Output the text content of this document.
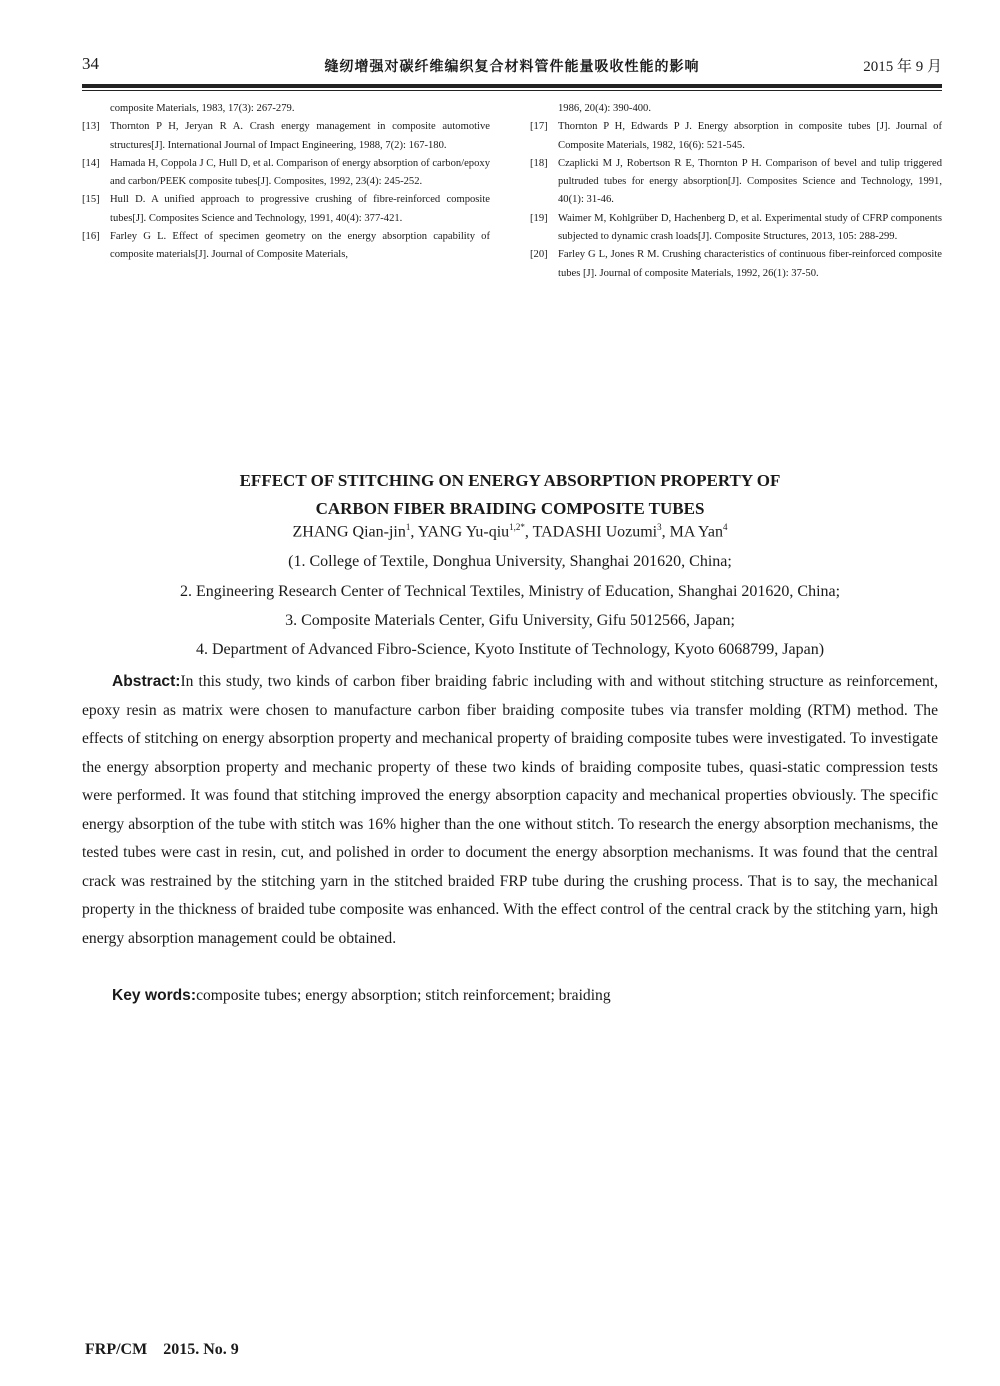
34	缝纫增强对碳纤维编织复合材料管件能量吸收性能的影响	2015 年 9 月
composite Materials, 1983, 17(3): 267-279.
[13] Thornton P H, Jeryan R A. Crash energy management in composite automotive structures[J]. International Journal of Impact Engineering, 1988, 7(2): 167-180.
[14] Hamada H, Coppola J C, Hull D, et al. Comparison of energy absorption of carbon/epoxy and carbon/PEEK composite tubes[J]. Composites, 1992, 23(4): 245-252.
[15] Hull D. A unified approach to progressive crushing of fibre-reinforced composite tubes[J]. Composites Science and Technology, 1991, 40(4): 377-421.
[16] Farley G L. Effect of specimen geometry on the energy absorption capability of composite materials[J]. Journal of Composite Materials,
1986, 20(4): 390-400.
[17] Thornton P H, Edwards P J. Energy absorption in composite tubes [J]. Journal of Composite Materials, 1982, 16(6): 521-545.
[18] Czaplicki M J, Robertson R E, Thornton P H. Comparison of bevel and tulip triggered pultruded tubes for energy absorption[J]. Composites Science and Technology, 1991, 40(1): 31-46.
[19] Waimer M, Kohlgrüber D, Hachenberg D, et al. Experimental study of CFRP components subjected to dynamic crash loads[J]. Composite Structures, 2013, 105: 288-299.
[20] Farley G L, Jones R M. Crushing characteristics of continuous fiber-reinforced composite tubes [J]. Journal of composite Materials, 1992, 26(1): 37-50.
EFFECT OF STITCHING ON ENERGY ABSORPTION PROPERTY OF
CARBON FIBER BRAIDING COMPOSITE TUBES
ZHANG Qian-jin$^1$, YANG Yu-qiu$^{1,2*}$, TADASHI Uozumi$^3$, MA Yan$^4$
(1. College of Textile, Donghua University, Shanghai 201620, China;
2. Engineering Research Center of Technical Textiles, Ministry of Education, Shanghai 201620, China;
3. Composite Materials Center, Gifu University, Gifu 5012566, Japan;
4. Department of Advanced Fibro-Science, Kyoto Institute of Technology, Kyoto 6068799, Japan)
Abstract:In this study, two kinds of carbon fiber braiding fabric including with and without stitching structure as reinforcement, epoxy resin as matrix were chosen to manufacture carbon fiber braiding composite tubes via transfer molding (RTM) method. The effects of stitching on energy absorption property and mechanical property of braiding composite tubes were investigated. To investigate the energy absorption property and mechanic property of these two kinds of braiding composite tubes, quasi-static compression tests were performed. It was found that stitching improved the energy absorption capacity and mechanical properties obviously. The specific energy absorption of the tube with stitch was 16% higher than the one without stitch. To research the energy absorption mechanisms, the tested tubes were cast in resin, cut, and polished in order to document the energy absorption mechanisms. It was found that the central crack was restrained by the stitching yarn in the stitched braided FRP tube during the crushing process. That is to say, the mechanical property in the thickness of braided tube composite was enhanced. With the effect control of the central crack by the stitching yarn, high energy absorption management could be obtained.
Key words:composite tubes; energy absorption; stitch reinforcement; braiding
FRP/CM 2015. No. 9
